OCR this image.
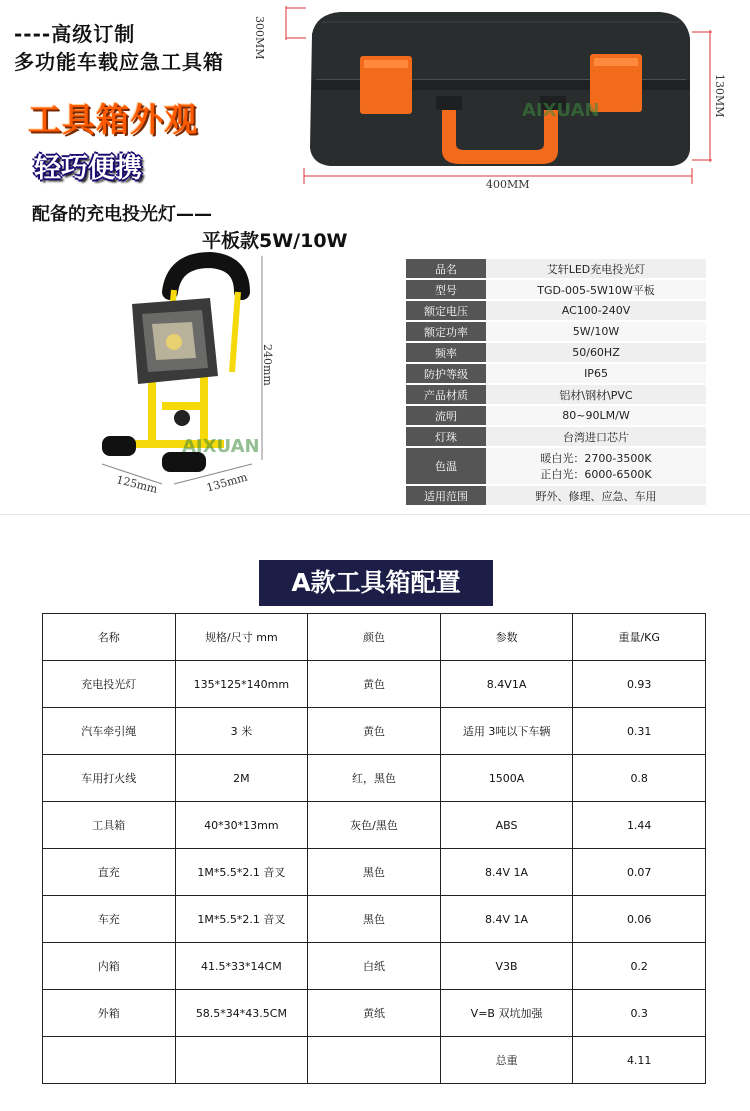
----高级订制
多功能车载应急工具箱
工具箱外观
轻巧便携
配备的充电投光灯——
平板款5W/10W
AIXUAN
300MM
130MM
400MM
AIXUAN
240mm
125mm	135mm
品名	艾轩LED充电投光灯
型号	TGD-005-5W10W平板
额定电压	AC100-240V
额定功率	5W/10W
频率	50/60HZ
防护等级	IP65
产品材质	铝材\钢材\PVC
流明	80~90LM/W
灯珠	台湾进口芯片
色温	暖白光：2700-3500K
正白光：6000-6500K

适用范围	野外、修理、应急、车用
A款工具箱配置
名称	规格/尺寸 mm	颜色	参数	重量/KG
充电投光灯	135*125*140mm	黄色	8.4V1A	0.93
汽车牵引绳	3 米	黄色	适用 3吨以下车辆	0.31
车用打火线	2M	红，黑色	1500A	0.8
工具箱	40*30*13mm	灰色/黑色	ABS	1.44
直充	1M*5.5*2.1 音叉	黑色	8.4V 1A	0.07
车充	1M*5.5*2.1 音叉	黑色	8.4V 1A	0.06
内箱	41.5*33*14CM	白纸	V3B	0.2
外箱	58.5*34*43.5CM	黄纸	V=B 双坑加强	0.3
			总重	4.11
